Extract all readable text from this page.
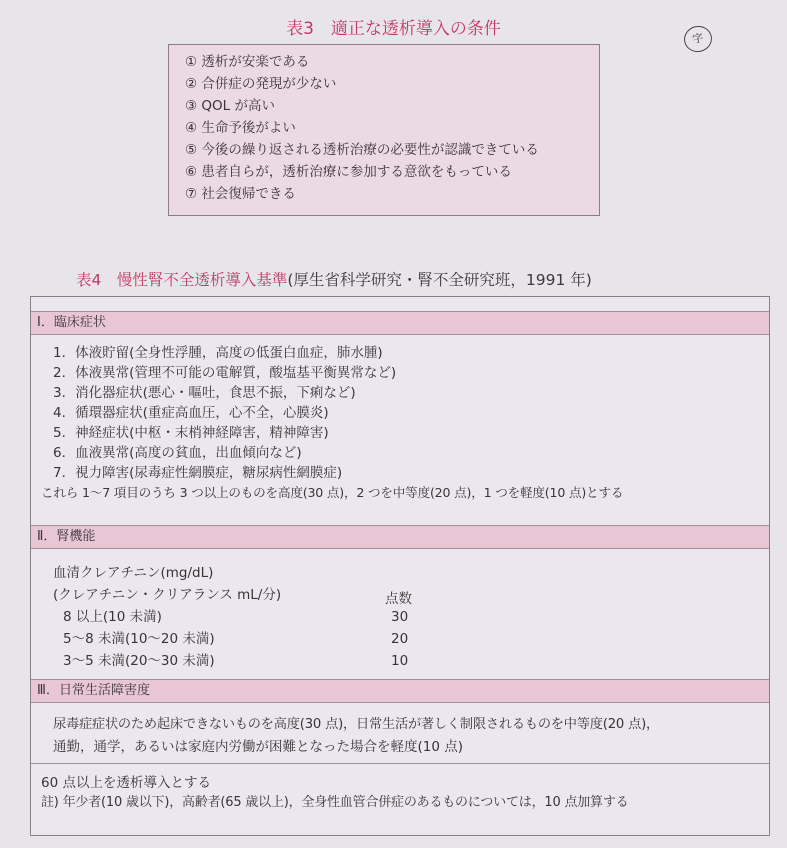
表3　適正な透析導入の条件	字
① 透析が安楽である
② 合併症の発現が少ない
③ QOL が高い
④ 生命予後がよい
⑤ 今後の繰り返される透析治療の必要性が認識できている
⑥ 患者自らが，透析治療に参加する意欲をもっている
⑦ 社会復帰できる
表4　慢性腎不全透析導入基準(厚生省科学研究・腎不全研究班，1991 年)
Ⅰ．臨床症状
1．体液貯留(全身性浮腫，高度の低蛋白血症，肺水腫)
2．体液異常(管理不可能の電解質，酸塩基平衡異常など)
3．消化器症状(悪心・嘔吐，食思不振，下痢など)
4．循環器症状(重症高血圧，心不全，心膜炎)
5．神経症状(中枢・末梢神経障害，精神障害)
6．血液異常(高度の貧血，出血傾向など)
7．視力障害(尿毒症性網膜症，糖尿病性網膜症)
これら 1～7 項目のうち 3 つ以上のものを高度(30 点)，2 つを中等度(20 点)，1 つを軽度(10 点)とする
Ⅱ．腎機能
血清クレアチニン(mg/dL)
(クレアチニン・クリアランス mL/分)	点数
8 以上(10 未満)	30
5～8 未満(10～20 未満)	20
3～5 未満(20～30 未満)	10
Ⅲ．日常生活障害度
尿毒症症状のため起床できないものを高度(30 点)，日常生活が著しく制限されるものを中等度(20 点)，
通勤，通学，あるいは家庭内労働が困難となった場合を軽度(10 点)
60 点以上を透析導入とする
註) 年少者(10 歳以下)，高齢者(65 歳以上)，全身性血管合併症のあるものについては，10 点加算する
